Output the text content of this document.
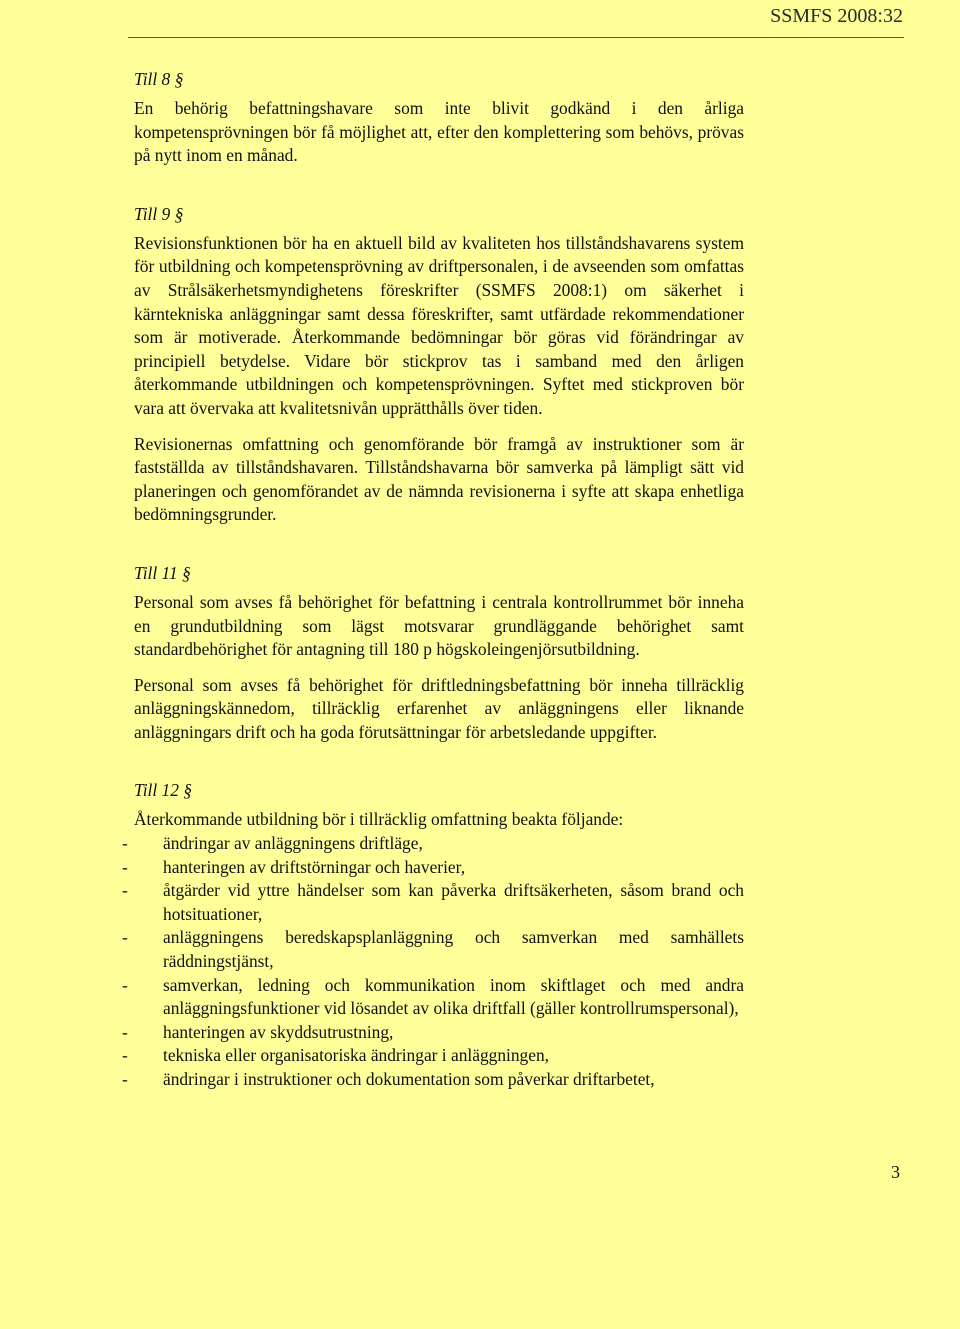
SSMFS 2008:32
Till 8 §

En behörig befattningshavare som inte blivit godkänd i den årliga kompetensprövningen bör få möjlighet att, efter den komplettering som behövs, prövas på nytt inom en månad.

Till 9 §

Revisionsfunktionen bör ha en aktuell bild av kvaliteten hos tillståndshavarens system för utbildning och kompetensprövning av driftpersonalen, i de avseenden som omfattas av Strålsäkerhetsmyndighetens föreskrifter (SSMFS 2008:1) om säkerhet i kärntekniska anläggningar samt dessa föreskrifter, samt utfärdade rekommendationer som är motiverade. Återkommande bedömningar bör göras vid förändringar av principiell betydelse. Vidare bör stickprov tas i samband med den årligen återkommande utbildningen och kompetensprövningen. Syftet med stickproven bör vara att övervaka att kvalitetsnivån upprätthålls över tiden.

Revisionernas omfattning och genomförande bör framgå av instruktioner som är fastställda av tillståndshavaren. Tillståndshavarna bör samverka på lämpligt sätt vid planeringen och genomförandet av de nämnda revisionerna i syfte att skapa enhetliga bedömningsgrunder.

Till 11 §

Personal som avses få behörighet för befattning i centrala kontrollrummet bör inneha en grundutbildning som lägst motsvarar grundläggande behörighet samt standardbehörighet för antagning till 180 p högskoleingenjörsutbildning.

Personal som avses få behörighet för driftledningsbefattning bör inneha tillräcklig anläggningskännedom, tillräcklig erfarenhet av anläggningens eller liknande anläggningars drift och ha goda förutsättningar för arbetsledande uppgifter.

Till 12 §

Återkommande utbildning bör i tillräcklig omfattning beakta följande:

- ändringar av anläggningens driftläge,
- hanteringen av driftstörningar och haverier,
- åtgärder vid yttre händelser som kan påverka driftsäkerheten, såsom brand och hotsituationer,
- anläggningens beredskapsplanläggning och samverkan med samhällets räddningstjänst,
- samverkan, ledning och kommunikation inom skiftlaget och med andra anläggningsfunktioner vid lösandet av olika driftfall (gäller kontrollrumspersonal),
- hanteringen av skyddsutrustning,
- tekniska eller organisatoriska ändringar i anläggningen,
- ändringar i instruktioner och dokumentation som påverkar driftarbetet,
3
